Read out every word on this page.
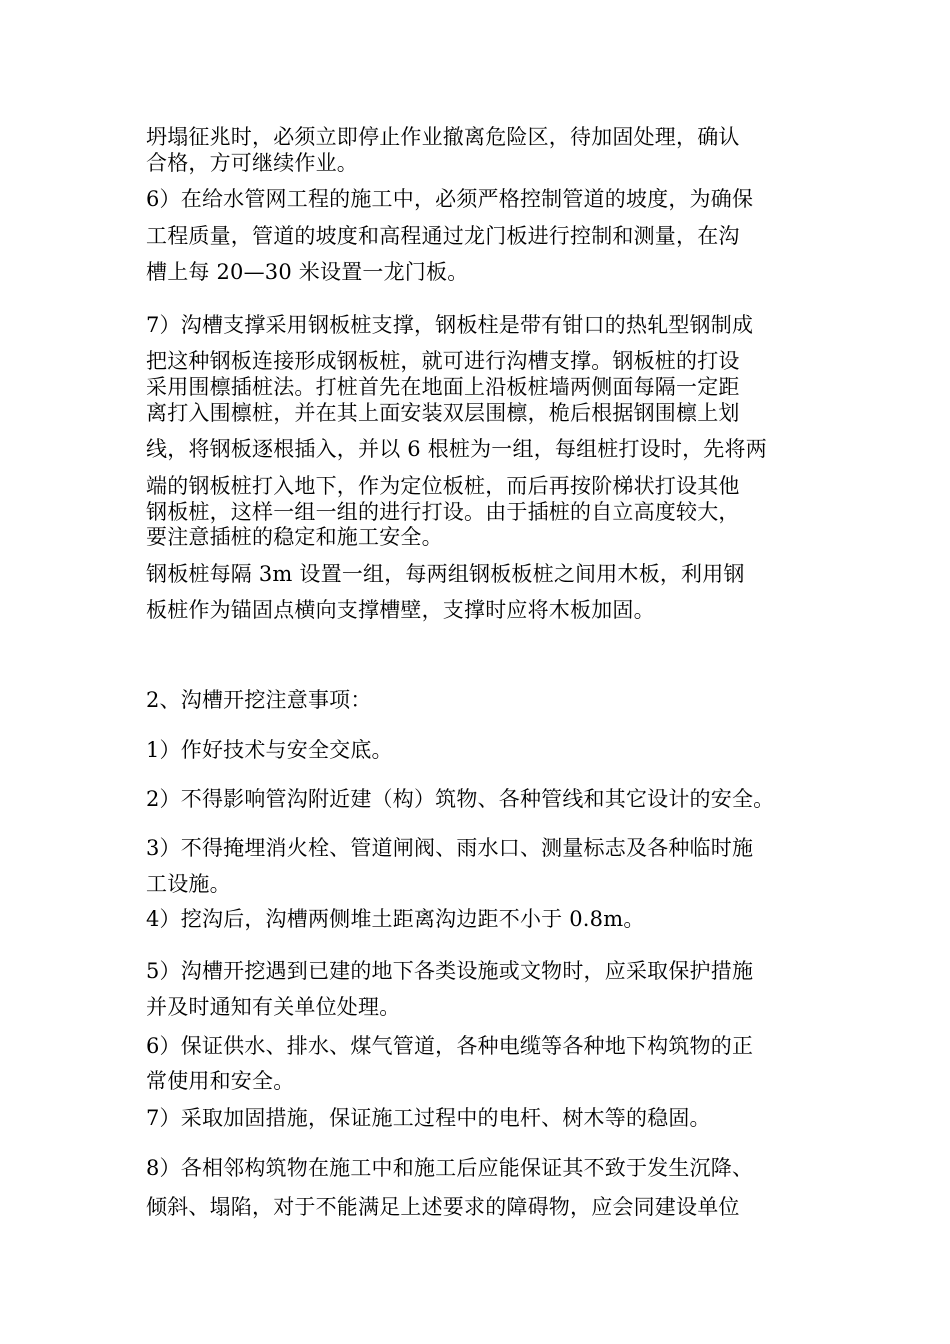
坍塌征兆时，必须立即停止作业撤离危险区，待加固处理，确认
合格，方可继续作业。
6）在给水管网工程的施工中，必须严格控制管道的坡度，为确保
工程质量，管道的坡度和高程通过龙门板进行控制和测量，在沟
槽上每 20—30 米设置一龙门板。
7）沟槽支撑采用钢板桩支撑，钢板柱是带有钳口的热轧型钢制成
把这种钢板连接形成钢板桩，就可进行沟槽支撑。钢板桩的打设
采用围檩插桩法。打桩首先在地面上沿板桩墙两侧面每隔一定距
离打入围檩桩，并在其上面安装双层围檩，桅后根据钢围檩上划
线，将钢板逐根插入，并以 6 根桩为一组，每组桩打设时，先将两
端的钢板桩打入地下，作为定位板桩，而后再按阶梯状打设其他
钢板桩，这样一组一组的进行打设。由于插桩的自立高度较大，
要注意插桩的稳定和施工安全。
钢板桩每隔 3m 设置一组，每两组钢板板桩之间用木板，利用钢
板桩作为锚固点横向支撑槽壁，支撑时应将木板加固。
2、沟槽开挖注意事项：
1）作好技术与安全交底。
2）不得影响管沟附近建（构）筑物、各种管线和其它设计的安全。
3）不得掩埋消火栓、管道闸阀、雨水口、测量标志及各种临时施
工设施。
4）挖沟后，沟槽两侧堆土距离沟边距不小于 0.8m。
5）沟槽开挖遇到已建的地下各类设施或文物时，应采取保护措施
并及时通知有关单位处理。
6）保证供水、排水、煤气管道，各种电缆等各种地下构筑物的正
常使用和安全。
7）采取加固措施，保证施工过程中的电杆、树木等的稳固。
8）各相邻构筑物在施工中和施工后应能保证其不致于发生沉降、
倾斜、塌陷，对于不能满足上述要求的障碍物，应会同建设单位
